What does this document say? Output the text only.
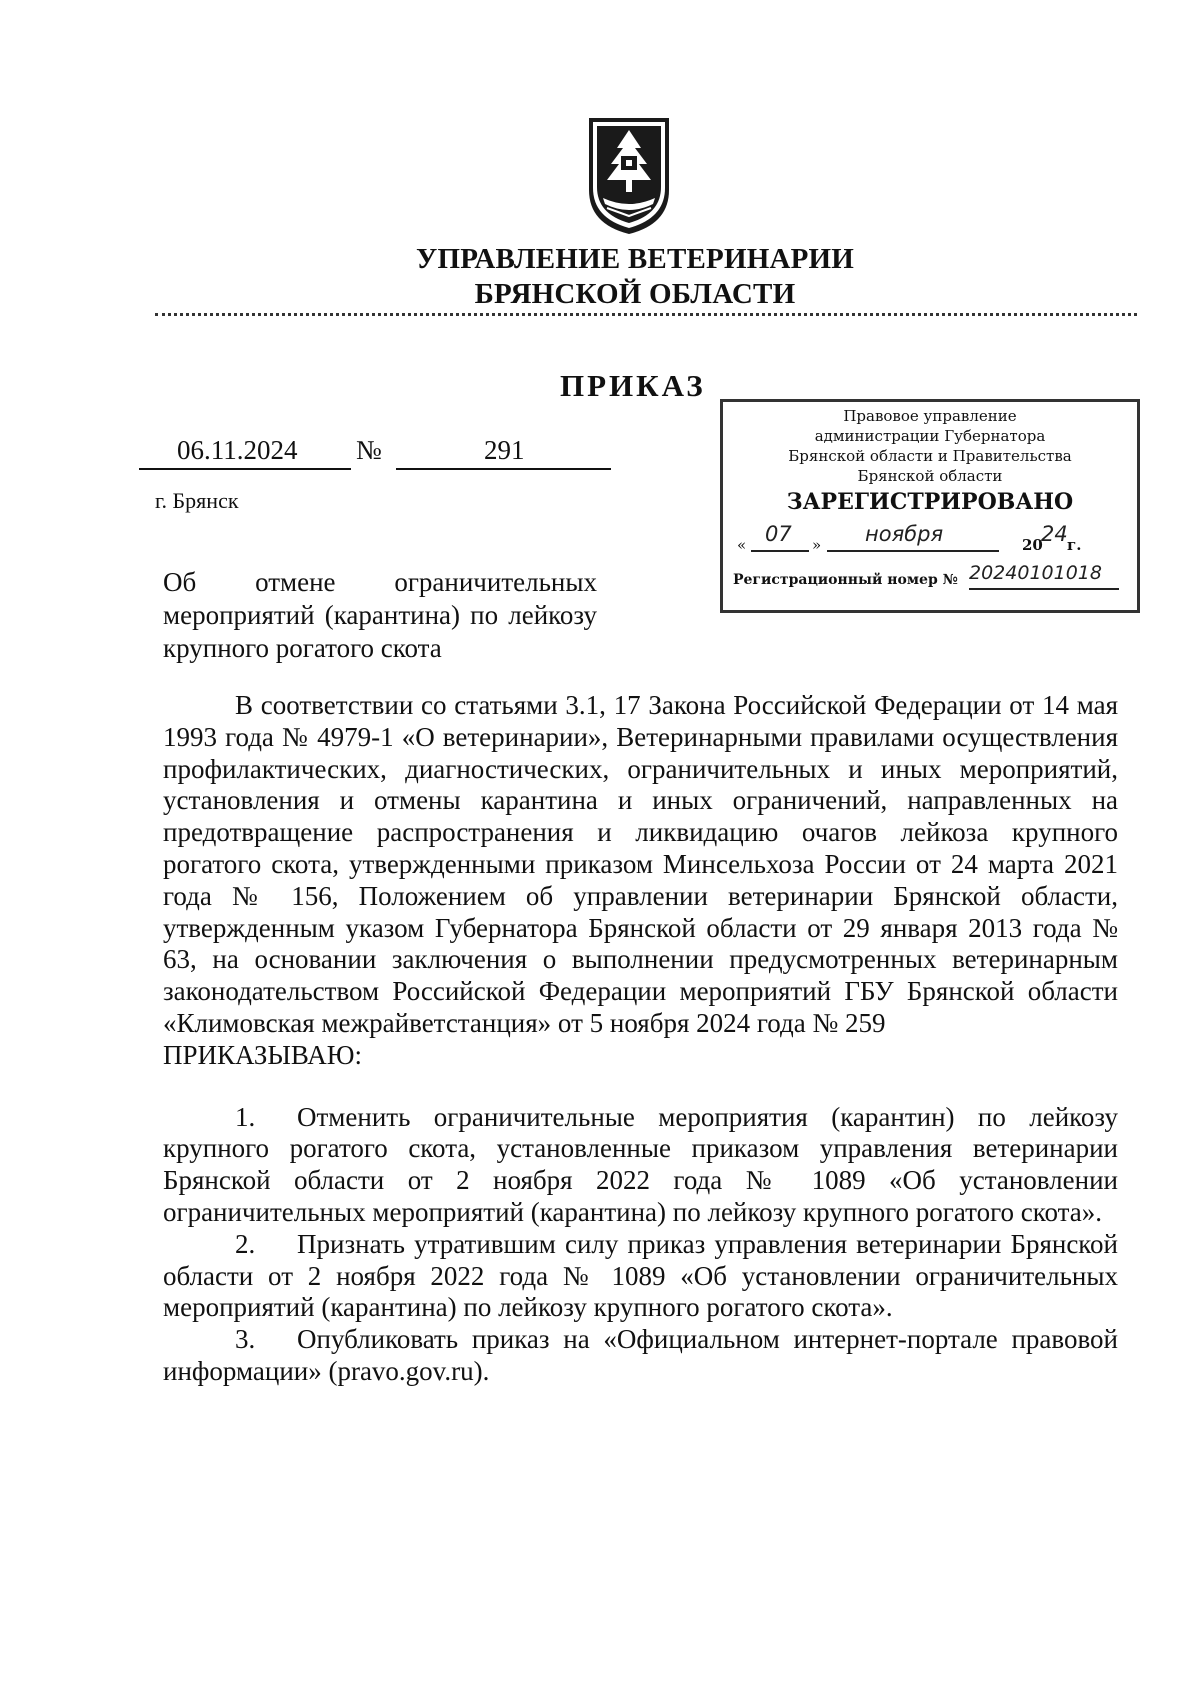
УПРАВЛЕНИЕ ВЕТЕРИНАРИИ
БРЯНСКОЙ ОБЛАСТИ
ПРИКАЗ
Правовое управление
администрации Губернатора
Брянской области и Правительства
Брянской области
ЗАРЕГИСТРИРОВАНО
« 07 » ноября	20
24 г.
Регистрационный номер № 20240101018
06.11.2024 №	291
г. Брянск
Об отмене ограничительных мероприятий (карантина) по лейкозу крупного рогатого скота

В соответствии со статьями 3.1, 17 Закона Российской Федерации от 14 мая 1993 года № 4979-1 «О ветеринарии», Ветеринарными правилами осуществления профилактических, диагностических, ограничительных и иных мероприятий, установления и отмены карантина и иных ограничений, направленных на предотвращение распространения и ликвидацию очагов лейкоза крупного рогатого скота, утвержденными приказом Минсельхоза России от 24 марта 2021 года № 156, Положением об управлении ветеринарии Брянской области, утвержденным указом Губернатора Брянской области от 29 января 2013 года № 63, на основании заключения о выполнении предусмотренных ветеринарным законодательством Российской Федерации мероприятий ГБУ Брянской области «Климовская межрайветстанция» от 5 ноября 2024 года № 259

ПРИКАЗЫВАЮ:

1. Отменить ограничительные мероприятия (карантин) по лейкозу крупного рогатого скота, установленные приказом управления ветеринарии Брянской области от 2 ноября 2022 года № 1089 «Об установлении ограничительных мероприятий (карантина) по лейкозу крупного рогатого скота».

2. Признать утратившим силу приказ управления ветеринарии Брянской области от 2 ноября 2022 года № 1089 «Об установлении ограничительных мероприятий (карантина) по лейкозу крупного рогатого скота».

3. Опубликовать приказ на «Официальном интернет-портале правовой информации» (pravo.gov.ru).
